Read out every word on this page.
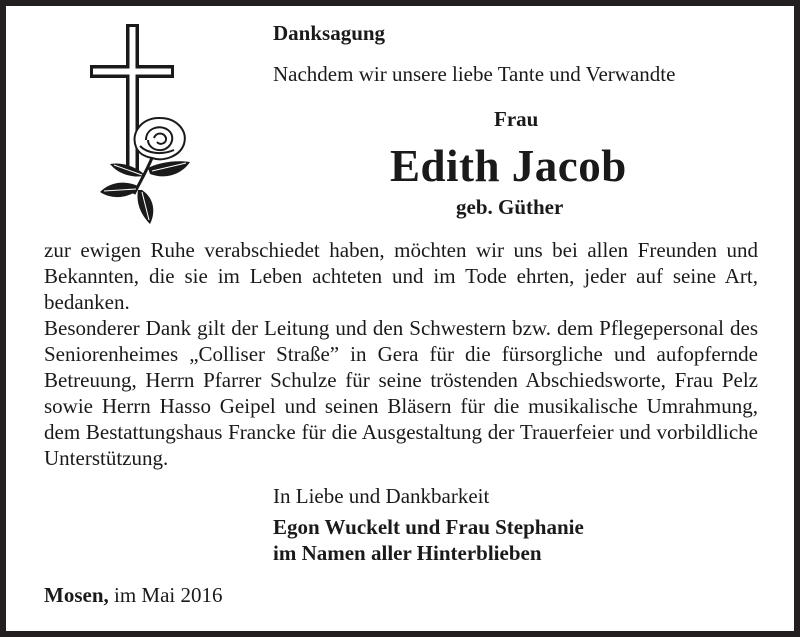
Danksagung
Nachdem wir unsere liebe Tante und Verwandte
Frau
Edith Jacob
geb. Güther

zur ewigen Ruhe verabschiedet haben, möchten wir uns bei allen Freunden und Bekannten, die sie im Leben achteten und im Tode ehrten, jeder auf seine Art, bedanken.

Besonderer Dank gilt der Leitung und den Schwestern bzw. dem Pflegepersonal des Seniorenheimes „Colliser Straße” in Gera für die fürsorgliche und aufopfernde Betreuung, Herrn Pfarrer Schulze für seine tröstenden Abschiedsworte, Frau Pelz sowie Herrn Hasso Geipel und seinen Bläsern für die musikalische Umrahmung, dem Bestattungshaus Francke für die Ausgestaltung der Trauerfeier und vorbildliche Unterstützung.

In Liebe und Dankbarkeit
Egon Wuckelt und Frau Stephanie
im Namen aller Hinterblieben
Mosen, im Mai 2016
